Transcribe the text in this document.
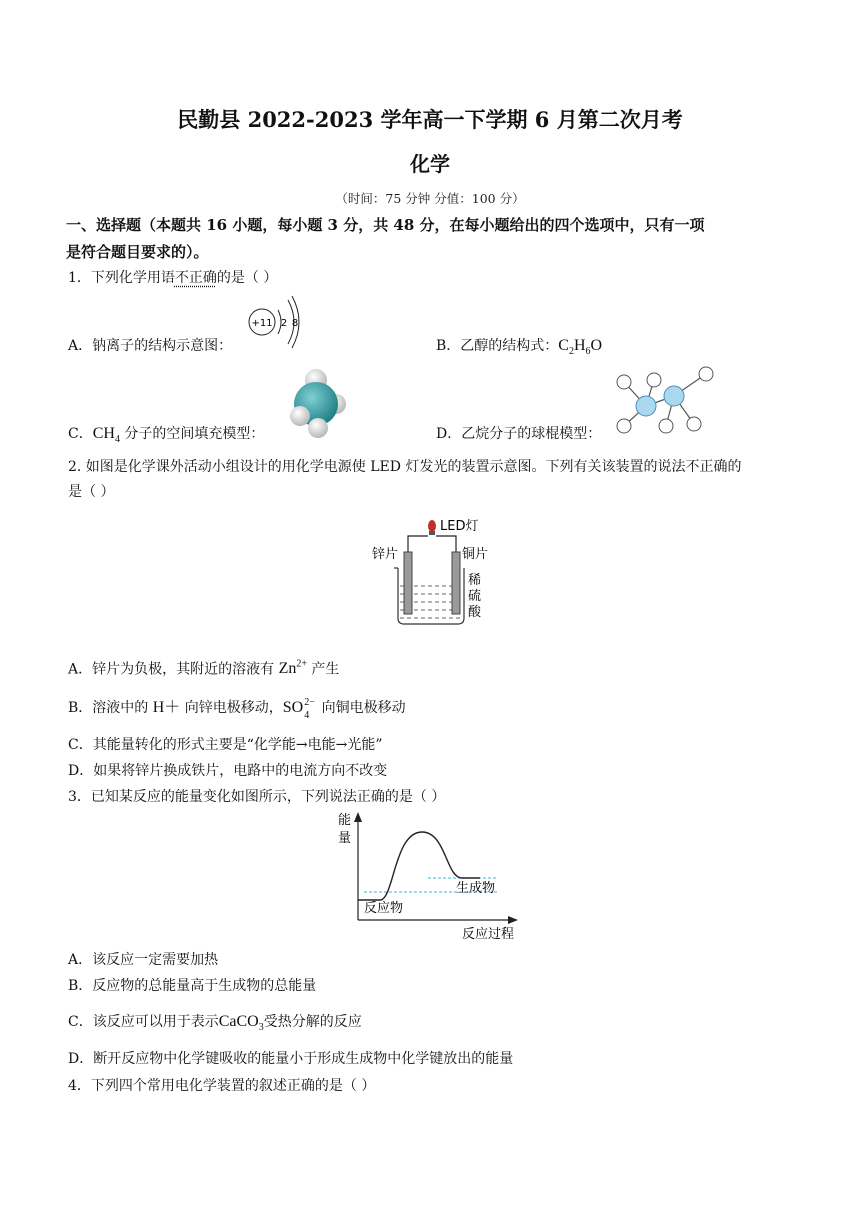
民勤县 2022-2023 学年高一下学期 6 月第二次月考
化学
（时间：75 分钟 分值：100 分）
一、选择题（本题共 16 小题，每小题 3 分，共 48 分，在每小题给出的四个选项中，只有一项
是符合题目要求的）。
1．下列化学用语不正确的是（ ）
A．钠离子的结构示意图：
+11 2 8
B．乙醇的结构式：$C_2H_6O$
C．$CH_4$ 分子的空间填充模型：	D．乙烷分子的球棍模型：
2. 如图是化学课外活动小组设计的用化学电源使 LED 灯发光的装置示意图。下列有关该装置的说法不正确的
是（ ）
LED灯
锌片	铜片
稀
硫
酸
A．锌片为负极，其附近的溶液有 $Zn^{2+}$ 产生
B．溶液中的 H＋ 向锌电极移动，SO 2−
4 向铜电极移动
C．其能量转化的形式主要是“化学能→电能→光能”
D．如果将锌片换成铁片，电路中的电流方向不改变
3．已知某反应的能量变化如图所示，下列说法正确的是（ ）
能
量
生成物
反应物
反应过程
A．该反应一定需要加热
B．反应物的总能量高于生成物的总能量
C．该反应可以用于表示CaCO$_3$受热分解的反应
D．断开反应物中化学键吸收的能量小于形成生成物中化学键放出的能量
4．下列四个常用电化学装置的叙述正确的是（ ）
